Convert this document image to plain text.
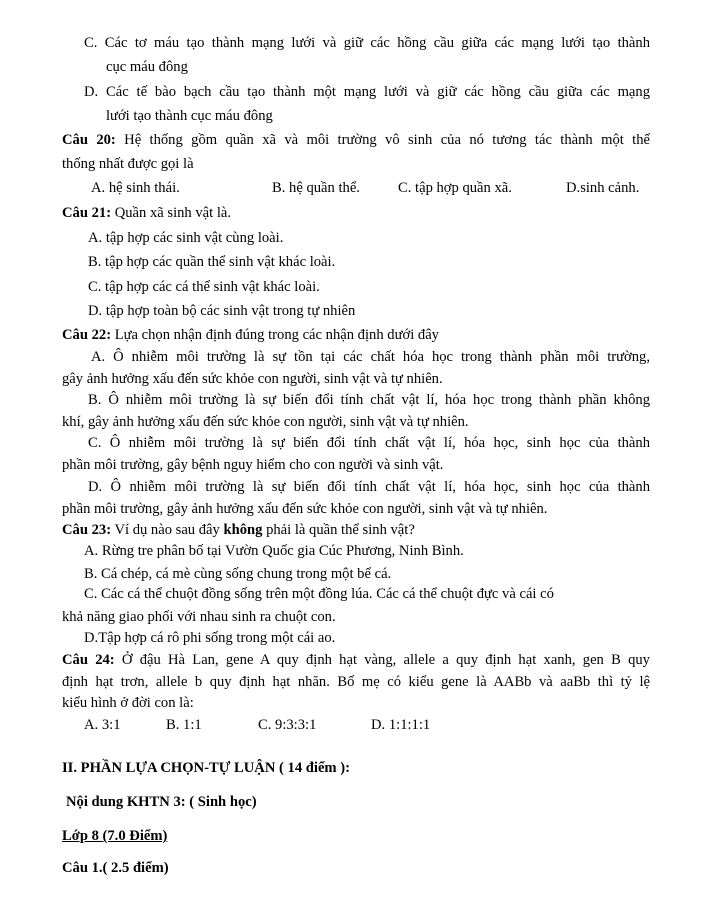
C. Các tơ máu tạo thành mạng lưới và giữ các hồng cầu giữa các mạng lưới tạo thành
cục máu đông
D. Các tế bào bạch cầu tạo thành một mạng lưới và giữ các hồng cầu giữa các mạng
lưới tạo thành cục máu đông
Câu 20: Hệ thống gồm quần xã và môi trường vô sinh của nó tương tác thành một thể
thống nhất được gọi là
A. hệ sinh thái.	B. hệ quần thể.	C. tập hợp quần xã.	D.sinh cảnh.
Câu 21: Quần xã sinh vật là.
A. tập hợp các sinh vật cùng loài.
B. tập hợp các quần thể sinh vật khác loài.
C. tập hợp các cá thể sinh vật khác loài.
D. tập hợp toàn bộ các sinh vật trong tự nhiên
Câu 22: Lựa chọn nhận định đúng trong các nhận định dưới đây
A. Ô nhiễm môi trường là sự tồn tại các chất hóa học trong thành phần môi trường,
gây ảnh hưởng xấu đến sức khỏe con người, sinh vật và tự nhiên.
B. Ô nhiễm môi trường là sự biến đổi tính chất vật lí, hóa học trong thành phần không
khí, gây ảnh hưởng xấu đến sức khỏe con người, sinh vật và tự nhiên.
C. Ô nhiễm môi trường là sự biến đổi tính chất vật lí, hóa học, sinh học của thành
phần môi trường, gây bệnh nguy hiểm cho con người và sinh vật.
D. Ô nhiễm môi trường là sự biến đổi tính chất vật lí, hóa học, sinh học của thành
phần môi trường, gây ảnh hưởng xấu đến sức khỏe con người, sinh vật và tự nhiên.
Câu 23: Ví dụ nào sau đây không phải là quần thể sinh vật?
A. Rừng tre phân bố tại Vườn Quốc gia Cúc Phương, Ninh Bình.
B. Cá chép, cá mè cùng sống chung trong một bể cá.
C. Các cá thể chuột đồng sống trên một đồng lúa. Các cá thể chuột đực và cái có
khả năng giao phối với nhau sinh ra chuột con.
D.Tập hợp cá rô phi sống trong một cái ao.
Câu 24: Ở đậu Hà Lan, gene A quy định hạt vàng, allele a quy định hạt xanh, gen B quy
định hạt trơn, allele b quy định hạt nhăn. Bố mẹ có kiểu gene là AABb và aaBb thì tỷ lệ
kiểu hình ở đời con là:
A. 3:1	B. 1:1	C. 9:3:3:1	D. 1:1:1:1
II. PHẦN LỰA CHỌN-TỰ LUẬN ( 14 điểm ):
Nội dung KHTN 3: ( Sinh học)
Lớp 8 (7.0 Điểm)
Câu 1.( 2.5 điểm)
